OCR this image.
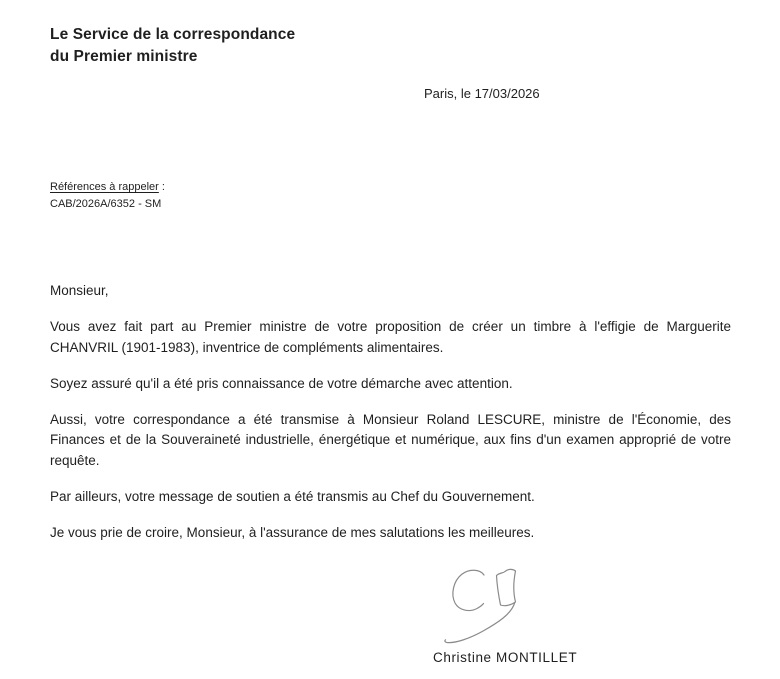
Le Service de la correspondance
du Premier ministre
Paris, le 17/03/2026
Références à rappeler :
CAB/2026A/6352 - SM

Monsieur,

Vous avez fait part au Premier ministre de votre proposition de créer un timbre à l'effigie de Marguerite CHANVRIL (1901-1983), inventrice de compléments alimentaires.

Soyez assuré qu'il a été pris connaissance de votre démarche avec attention.

Aussi, votre correspondance a été transmise à Monsieur Roland LESCURE, ministre de l'Économie, des Finances et de la Souveraineté industrielle, énergétique et numérique, aux fins d'un examen approprié de votre requête.

Par ailleurs, votre message de soutien a été transmis au Chef du Gouvernement.

Je vous prie de croire, Monsieur, à l'assurance de mes salutations les meilleures.

Christine MONTILLET
